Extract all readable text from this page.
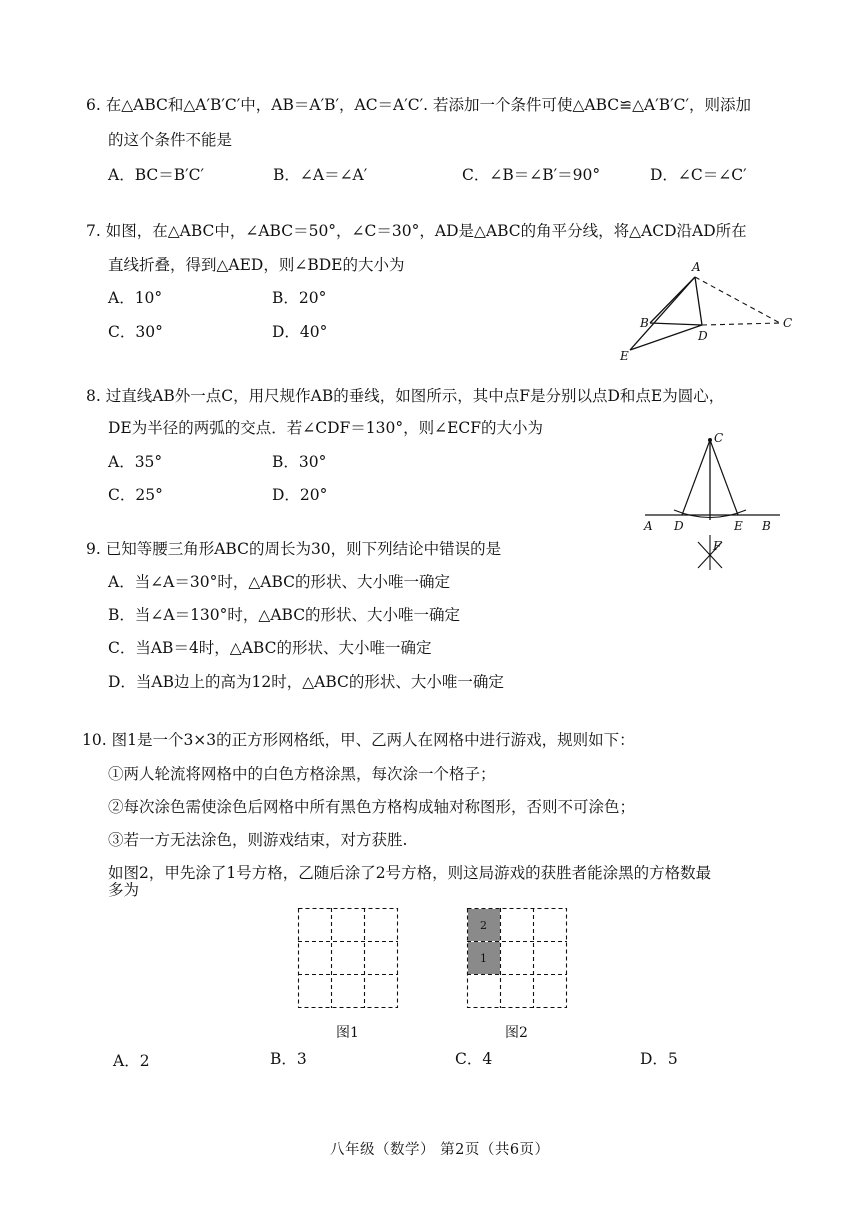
6. 在△ABC和△A′B′C′中，AB＝A′B′，AC＝A′C′. 若添加一个条件可使△ABC≌△A′B′C′，则添加
的这个条件不能是
A．BC＝B′C′	B．∠A＝∠A′	C．∠B＝∠B′＝90°	D．∠C＝∠C′
7. 如图，在△ABC中，∠ABC＝50°，∠C＝30°，AD是△ABC的角平分线，将△ACD沿AD所在
直线折叠，得到△AED，则∠BDE的大小为
A．10°	B．20°
C．30°	D．40°
A
B	C
D
E
8. 过直线AB外一点C，用尺规作AB的垂线，如图所示，其中点F是分别以点D和点E为圆心，
DE为半径的两弧的交点．若∠CDF＝130°，则∠ECF的大小为
A．35°	B．30°
C．25°	D．20°
C
A D	E B
F
9. 已知等腰三角形ABC的周长为30，则下列结论中错误的是
A．当∠A＝30°时，△ABC的形状、大小唯一确定
B．当∠A＝130°时，△ABC的形状、大小唯一确定
C．当AB＝4时，△ABC的形状、大小唯一确定
D．当AB边上的高为12时，△ABC的形状、大小唯一确定
10. 图1是一个3×3的正方形网格纸，甲、乙两人在网格中进行游戏，规则如下：
①两人轮流将网格中的白色方格涂黑，每次涂一个格子；
②每次涂色需使涂色后网格中所有黑色方格构成轴对称图形，否则不可涂色；
③若一方无法涂色，则游戏结束，对方获胜.
如图2，甲先涂了1号方格，乙随后涂了2号方格，则这局游戏的获胜者能涂黑的方格数最
多为
图1
2
1
图2
A．2	B．3	C．4	D．5
八年级（数学） 第2页（共6页）
